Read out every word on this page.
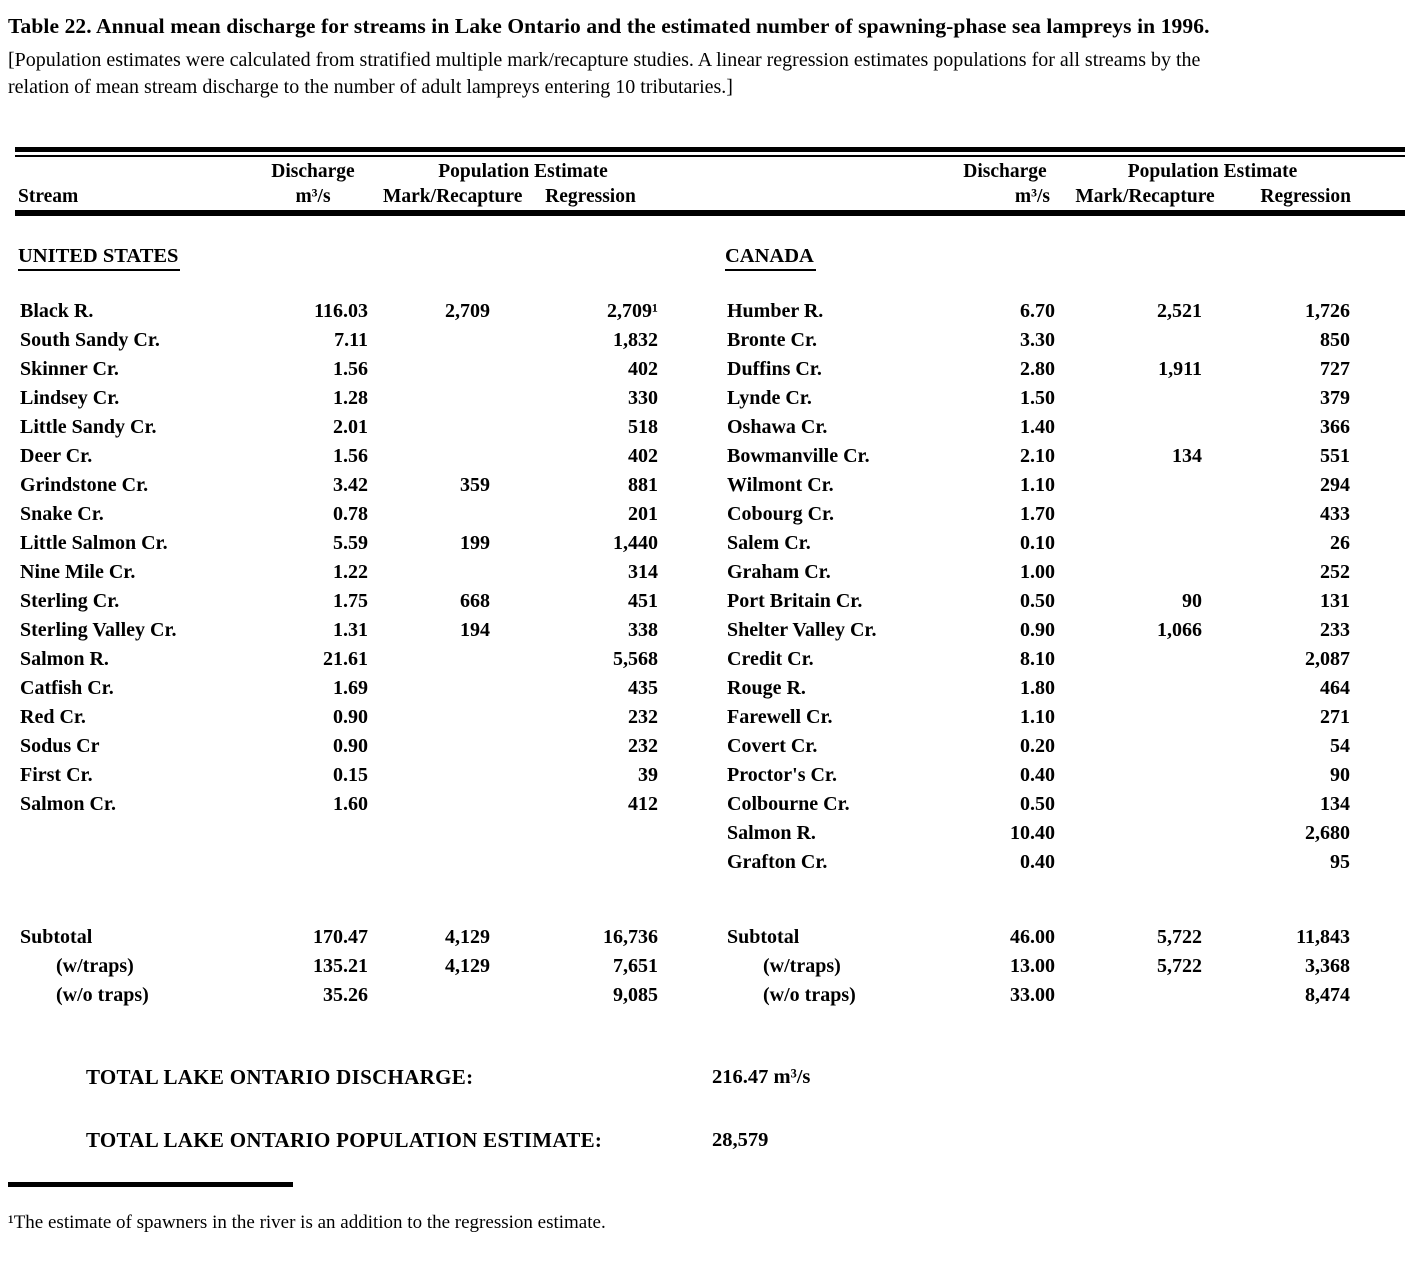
Table 22. Annual mean discharge for streams in Lake Ontario and the estimated number of spawning-phase sea lampreys in 1996.

[Population estimates were calculated from stratified multiple mark/recapture studies. A linear regression estimates populations for all streams by the relation of mean stream discharge to the number of adult lampreys entering 10 tributaries.]

Discharge	Population Estimate
Stream	m³/s	Mark/Recapture	Regression
Discharge	Population Estimate
m³/s	Mark/Recapture	Regression
UNITED STATES
Black R.	116.03	2,709	2,709¹
South Sandy Cr.	7.11		1,832
Skinner Cr.	1.56		402
Lindsey Cr.	1.28		330
Little Sandy Cr.	2.01		518
Deer Cr.	1.56		402
Grindstone Cr.	3.42	359	881
Snake Cr.	0.78		201
Little Salmon Cr.	5.59	199	1,440
Nine Mile Cr.	1.22		314
Sterling Cr.	1.75	668	451
Sterling Valley Cr.	1.31	194	338
Salmon R.	21.61		5,568
Catfish Cr.	1.69		435
Red Cr.	0.90		232
Sodus Cr	0.90		232
First Cr.	0.15		39
Salmon Cr.	1.60		412

Subtotal	170.47	4,129	16,736
(w/traps)	135.21	4,129	7,651
(w/o traps)	35.26		9,085
CANADA
Humber R.	6.70	2,521	1,726
Bronte Cr.	3.30		850
Duffins Cr.	2.80	1,911	727
Lynde Cr.	1.50		379
Oshawa Cr.	1.40		366
Bowmanville Cr.	2.10	134	551
Wilmont Cr.	1.10		294
Cobourg Cr.	1.70		433
Salem Cr.	0.10		26
Graham Cr.	1.00		252
Port Britain Cr.	0.50	90	131
Shelter Valley Cr.	0.90	1,066	233
Credit Cr.	8.10		2,087
Rouge R.	1.80		464
Farewell Cr.	1.10		271
Covert Cr.	0.20		54
Proctor's Cr.	0.40		90
Colbourne Cr.	0.50		134
Salmon R.	10.40		2,680
Grafton Cr.	0.40		95

Subtotal	46.00	5,722	11,843
(w/traps)	13.00	5,722	3,368
(w/o traps)	33.00		8,474
TOTAL LAKE ONTARIO DISCHARGE:	216.47 m³/s
TOTAL LAKE ONTARIO POPULATION ESTIMATE:	28,579

¹The estimate of spawners in the river is an addition to the regression estimate.
